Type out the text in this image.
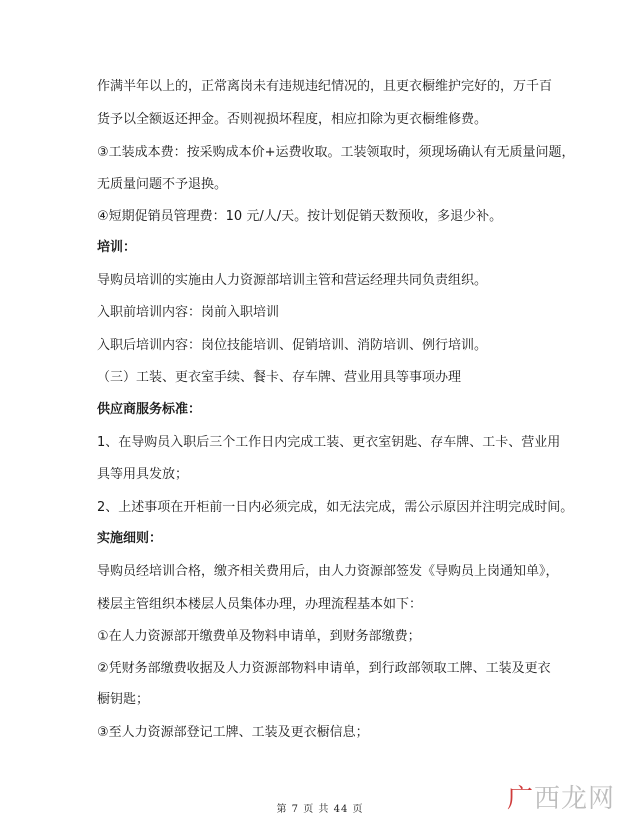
作满半年以上的，正常离岗未有违规违纪情况的，且更衣橱维护完好的，万千百
货予以全额返还押金。否则视损坏程度，相应扣除为更衣橱维修费。
③工装成本费：按采购成本价+运费收取。工装领取时，须现场确认有无质量问题，
无质量问题不予退换。
④短期促销员管理费：10 元/人/天。按计划促销天数预收，多退少补。
培训：
导购员培训的实施由人力资源部培训主管和营运经理共同负责组织。
入职前培训内容：岗前入职培训
入职后培训内容：岗位技能培训、促销培训、消防培训、例行培训。
（三）工装、更衣室手续、餐卡、存车牌、营业用具等事项办理
供应商服务标准：
1、在导购员入职后三个工作日内完成工装、更衣室钥匙、存车牌、工卡、营业用
具等用具发放；
2、上述事项在开柜前一日内必须完成，如无法完成，需公示原因并注明完成时间。
实施细则：
导购员经培训合格，缴齐相关费用后，由人力资源部签发《导购员上岗通知单》，
楼层主管组织本楼层人员集体办理，办理流程基本如下：
①在人力资源部开缴费单及物料申请单，到财务部缴费；
②凭财务部缴费收据及人力资源部物料申请单，到行政部领取工牌、工装及更衣
橱钥匙；
③至人力资源部登记工牌、工装及更衣橱信息；
第 7 页 共 44 页	广西龙网
